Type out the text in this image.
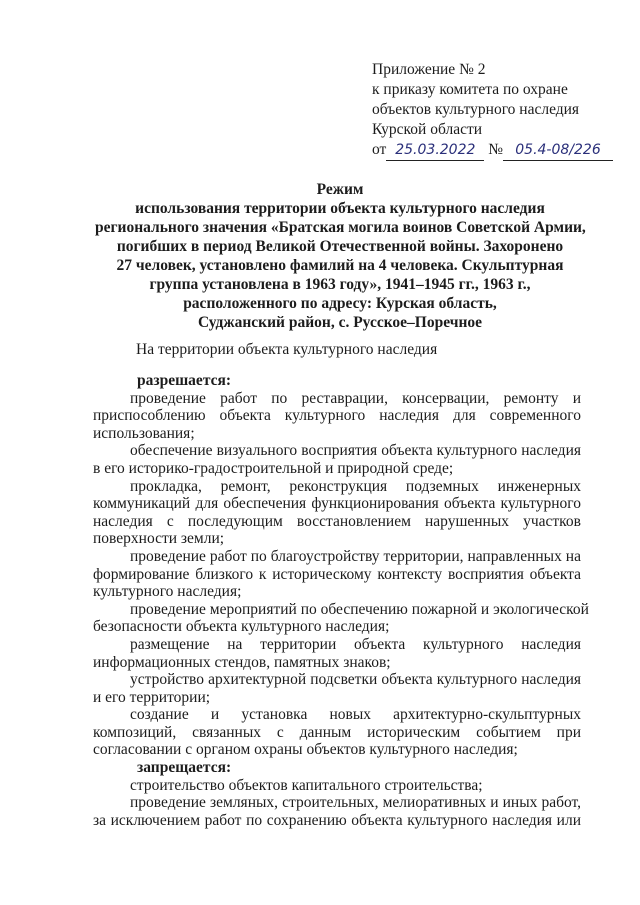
Приложение № 2
к приказу комитета по охране
объектов культурного наследия
Курской области
от 25.03.2022 № 05.4-08/226
Режим
использования территории объекта культурного наследия
регионального значения «Братская могила воинов Советской Армии,
погибших в период Великой Отечественной войны. Захоронено
27 человек, установлено фамилий на 4 человека. Скульптурная
группа установлена в 1963 году», 1941–1945 гг., 1963 г.,
расположенного по адресу: Курская область,
Суджанский район, с. Русское–Поречное
На территории объекта культурного наследия

разрешается:

проведение работ по реставрации, консервации, ремонту и

приспособлению объекта культурного наследия для современного

использования;

обеспечение визуального восприятия объекта культурного наследия

в его историко-градостроительной и природной среде;

прокладка, ремонт, реконструкция подземных инженерных

коммуникаций для обеспечения функционирования объекта культурного

наследия с последующим восстановлением нарушенных участков

поверхности земли;

проведение работ по благоустройству территории, направленных на

формирование близкого к историческому контексту восприятия объекта

культурного наследия;

проведение мероприятий по обеспечению пожарной и экологической

безопасности объекта культурного наследия;

размещение на территории объекта культурного наследия

информационных стендов, памятных знаков;

устройство архитектурной подсветки объекта культурного наследия

и его территории;

создание и установка новых архитектурно-скульптурных

композиций, связанных с данным историческим событием при

согласовании с органом охраны объектов культурного наследия;

запрещается:

строительство объектов капитального строительства;

проведение земляных, строительных, мелиоративных и иных работ,

за исключением работ по сохранению объекта культурного наследия или
